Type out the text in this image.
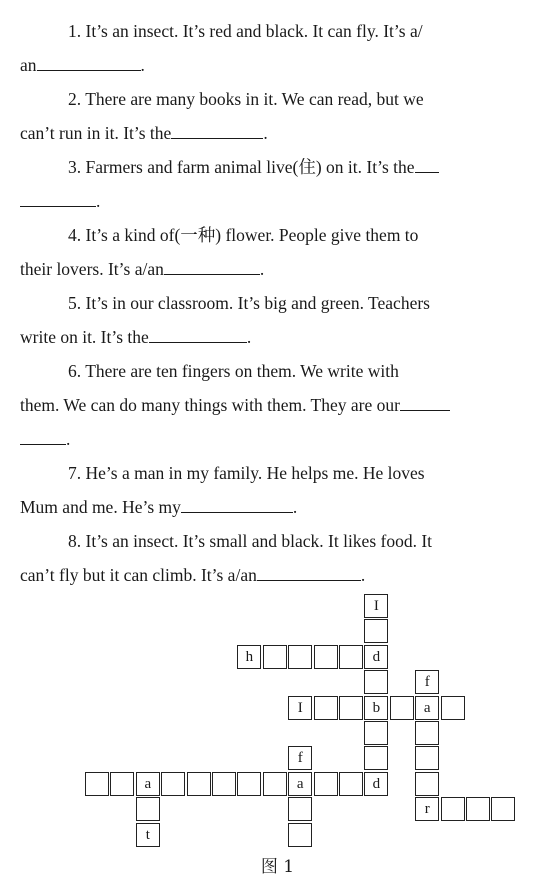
1. It’s an insect. It’s red and black. It can fly. It’s a/
an	.

2. There are many books in it. We can read, but we
can’t run in it. It’s the	.

3. Farmers and farm animal live(住) on it. It’s the
.

4. It’s a kind of(一种) flower. People give them to
their lovers. It’s a/an	.

5. It’s in our classroom. It’s big and green. Teachers
write on it. It’s the	.

6. There are ten fingers on them. We write with
them. We can do many things with them. They are our
.

7. He’s a man in my family. He helps me. He loves
Mum and me. He’s my	.

8. It’s an insect. It’s small and black. It likes food. It
can’t fly but it can climb. It’s a/an	.

I
d
b
d
h
I	a
f
r
f
a
a
t
图 1
